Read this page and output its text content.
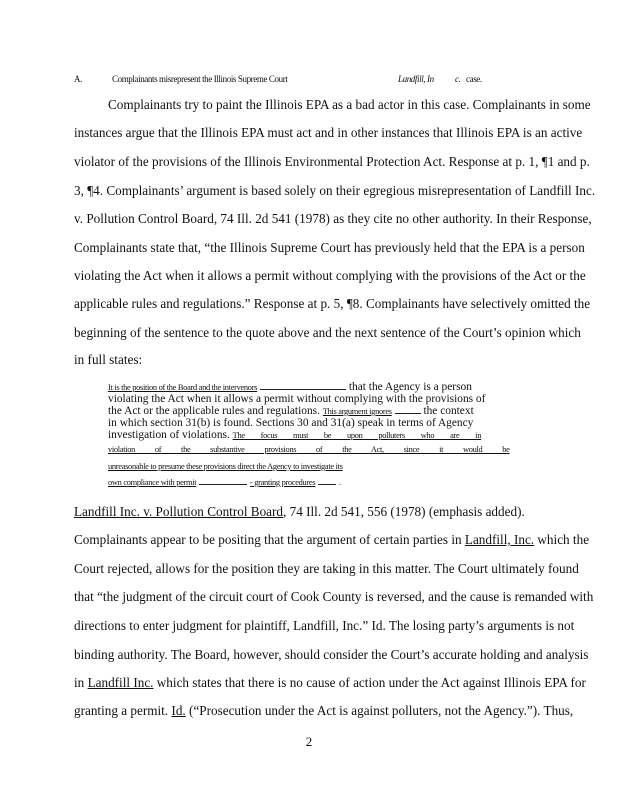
A.	Complainants misrepresent the Illinois Supreme Court	Landfill, In c. case.
Complainants try to paint the Illinois EPA as a bad actor in this case. Complainants in some
instances argue that the Illinois EPA must act and in other instances that Illinois EPA is an active
violator of the provisions of the Illinois Environmental Protection Act. Response at p. 1, ¶1 and p.
3, ¶4. Complainants’ argument is based solely on their egregious misrepresentation of Landfill Inc.
v. Pollution Control Board, 74 Ill. 2d 541 (1978) as they cite no other authority. In their Response,
Complainants state that, “the Illinois Supreme Court has previously held that the EPA is a person
violating the Act when it allows a permit without complying with the provisions of the Act or the
applicable rules and regulations.” Response at p. 5, ¶8. Complainants have selectively omitted the
beginning of the sentence to the quote above and the next sentence of the Court’s opinion which
in full states:
It is the position of the Board and the intervenors	that the Agency is a person
violating the Act when it allows a permit without complying with the provisions of
the Act or the applicable rules and regulations. This argument ignores	the context
in which section 31(b) is found. Sections 30 and 31(a) speak in terms of Agency
investigation of violations. The focus must be upon polluters who are in
violation of the substantive provisions of the Act, since it would be
unreasonable to presume these provisions direct the Agency to investigate its
own compliance with permit	- granting procedures	.
Landfill Inc. v. Pollution Control Board, 74 Ill. 2d 541, 556 (1978) (emphasis added).
Complainants appear to be positing that the argument of certain parties in Landfill, Inc. which the
Court rejected, allows for the position they are taking in this matter. The Court ultimately found
that “the judgment of the circuit court of Cook County is reversed, and the cause is remanded with
directions to enter judgment for plaintiff, Landfill, Inc.” Id. The losing party’s arguments is not
binding authority. The Board, however, should consider the Court’s accurate holding and analysis
in Landfill Inc. which states that there is no cause of action under the Act against Illinois EPA for
granting a permit. Id. (“Prosecution under the Act is against polluters, not the Agency.”). Thus,
2
